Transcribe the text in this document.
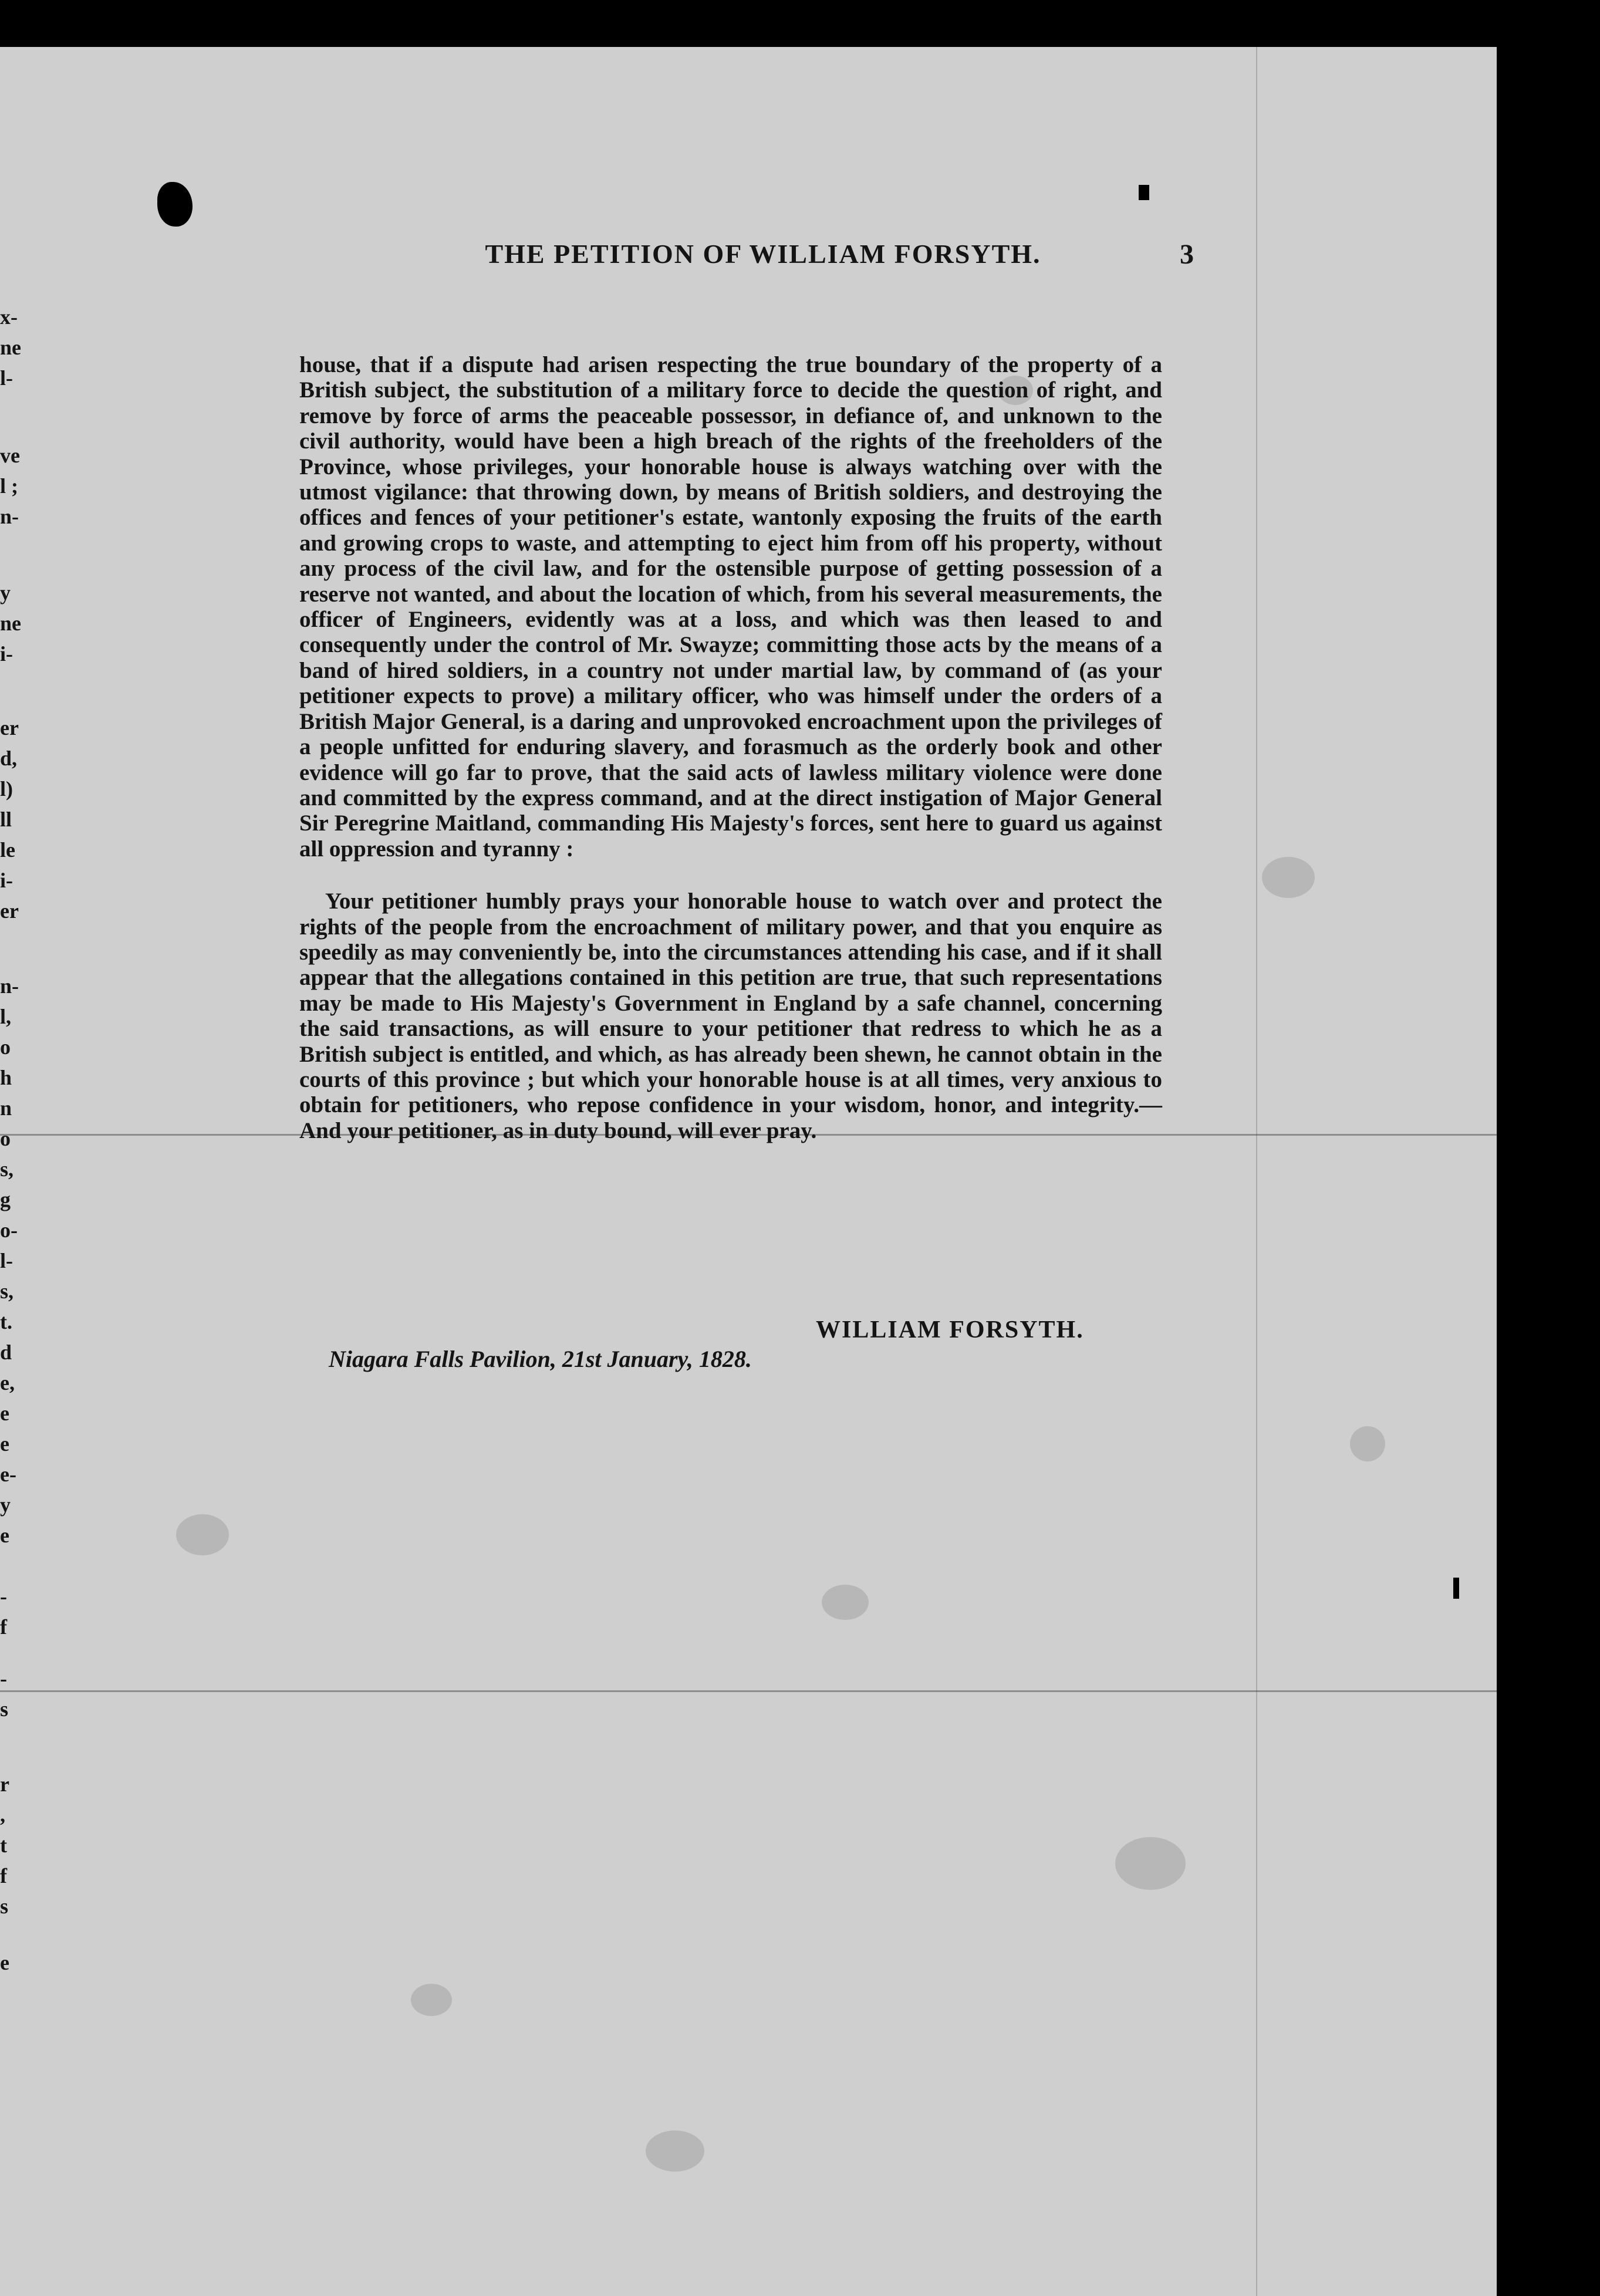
x-
ne
l-
ve
l ;
n-
y
ne
i-
er
d,
l)
ll
le
i-
er
n-
l,
o
h
n
o
s,
g
o-
l-
s,
t.
d
e,
e
e
e-
y
e
-
f
-
s
r
,
t
f
s
e
THE PETITION OF WILLIAM FORSYTH.	3

house, that if a dispute had arisen respecting the true boundary of the property of a British subject, the substitution of a military force to decide the question of right, and remove by force of arms the peaceable possessor, in defiance of, and unknown to the civil authority, would have been a high breach of the rights of the freeholders of the Province, whose privileges, your honorable house is always watching over with the utmost vigilance: that throwing down, by means of British soldiers, and destroying the offices and fences of your petitioner's estate, wantonly exposing the fruits of the earth and growing crops to waste, and attempting to eject him from off his property, without any process of the civil law, and for the ostensible purpose of getting possession of a reserve not wanted, and about the location of which, from his several measurements, the officer of Engineers, evidently was at a loss, and which was then leased to and consequently under the control of Mr. Swayze; committing those acts by the means of a band of hired soldiers, in a country not under martial law, by command of (as your petitioner expects to prove) a military officer, who was himself under the orders of a British Major General, is a daring and unprovoked encroachment upon the privileges of a people unfitted for enduring slavery, and forasmuch as the orderly book and other evidence will go far to prove, that the said acts of lawless military violence were done and committed by the express command, and at the direct instigation of Major General Sir Peregrine Maitland, commanding His Majesty's forces, sent here to guard us against all oppression and tyranny :

Your petitioner humbly prays your honorable house to watch over and protect the rights of the people from the encroachment of military power, and that you enquire as speedily as may conveniently be, into the circumstances attending his case, and if it shall appear that the allegations contained in this petition are true, that such representations may be made to His Majesty's Government in England by a safe channel, concerning the said transactions, as will ensure to your petitioner that redress to which he as a British subject is entitled, and which, as has already been shewn, he cannot obtain in the courts of this province ; but which your honorable house is at all times, very anxious to obtain for petitioners, who repose confidence in your wisdom, honor, and integrity.—And your petitioner, as in duty bound, will ever pray.

WILLIAM FORSYTH.
Niagara Falls Pavilion, 21st January, 1828.
